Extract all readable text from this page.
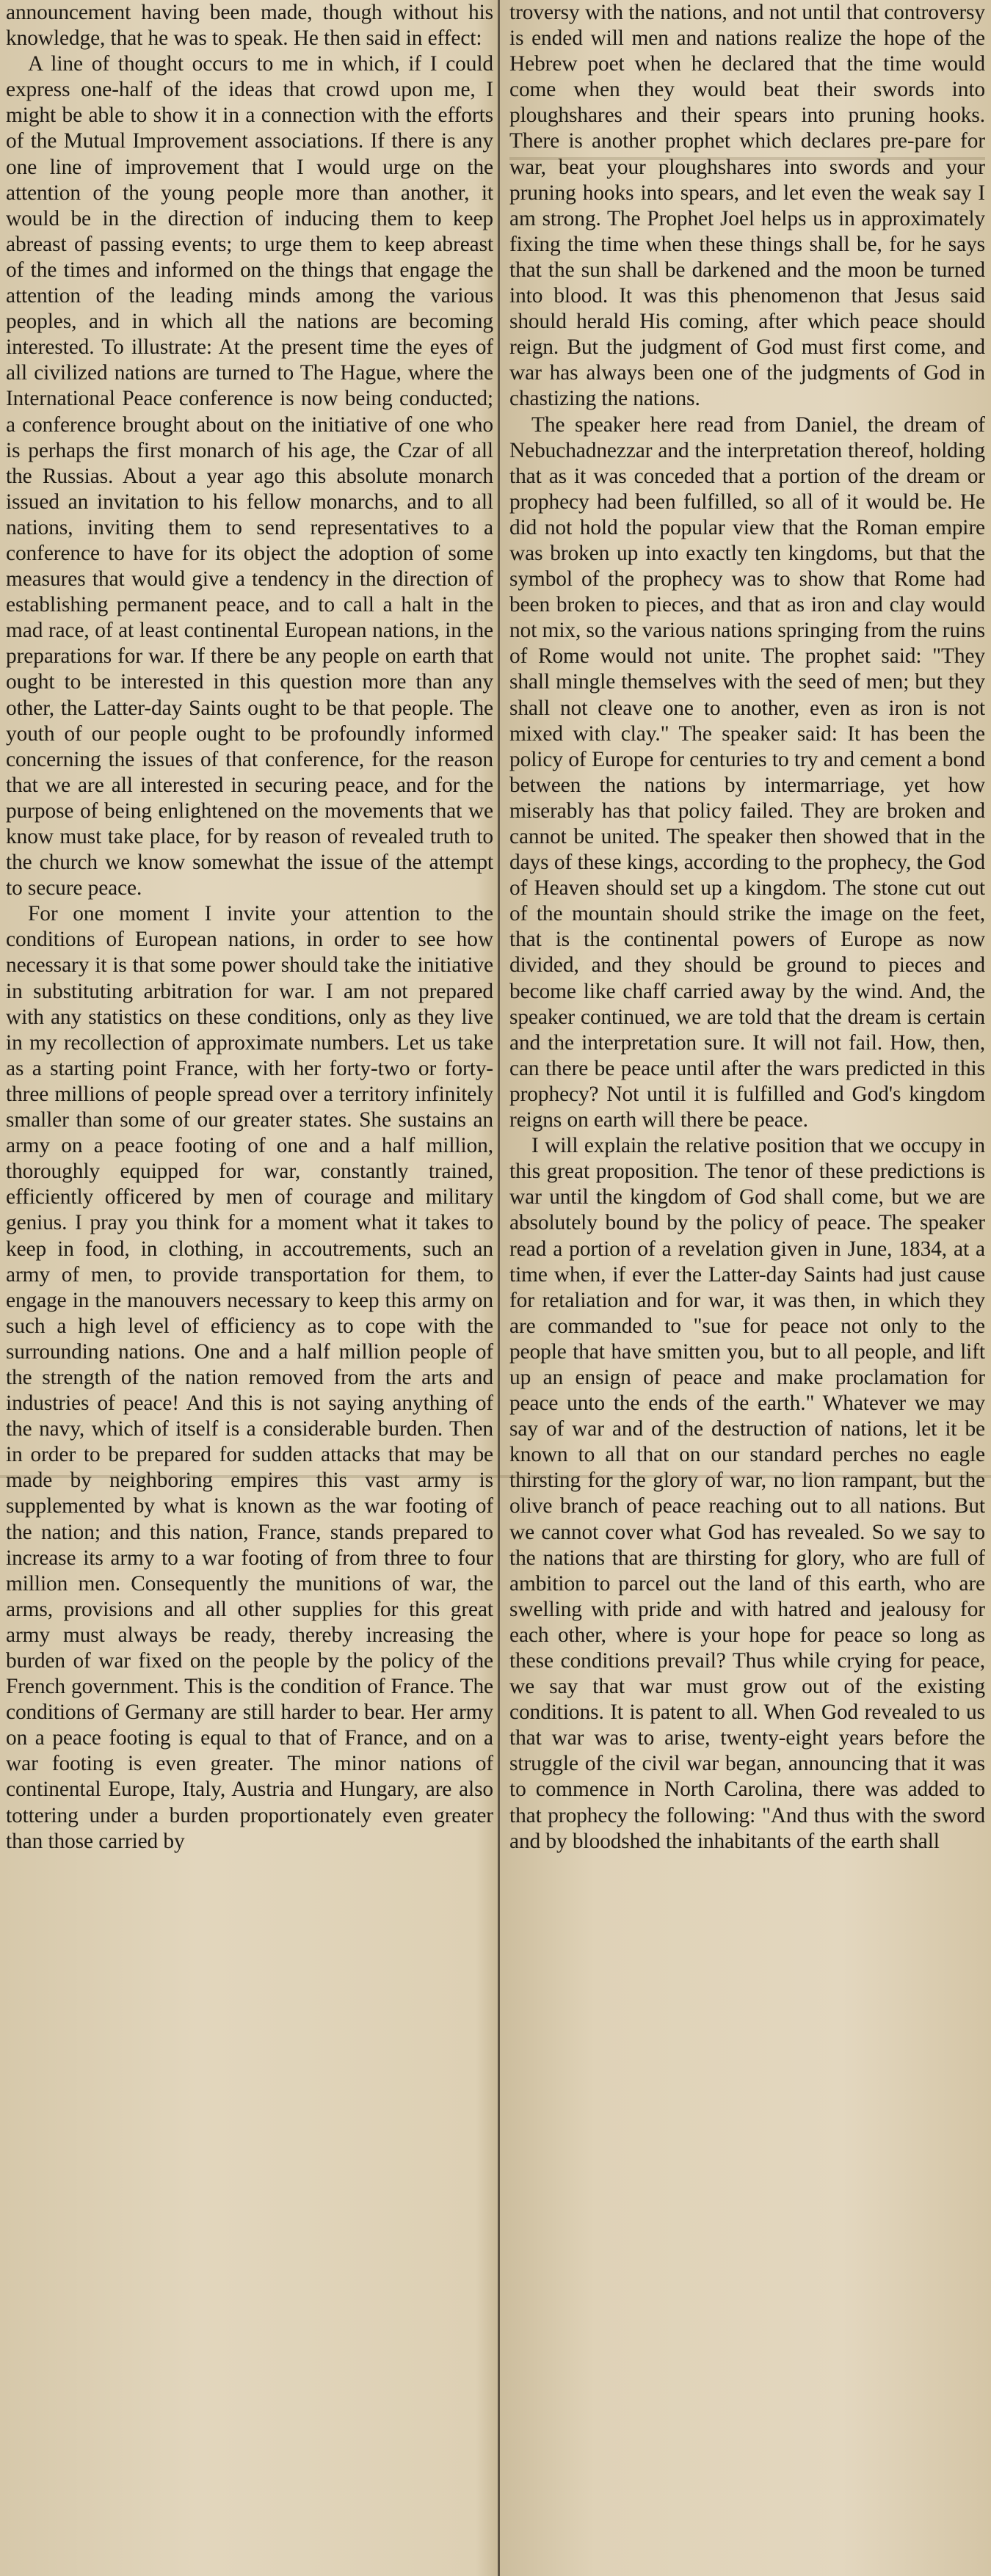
announcement having been made, though without his knowledge, that he was to speak. He then said in effect:

A line of thought occurs to me in which, if I could express one-half of the ideas that crowd upon me, I might be able to show it in a connection with the efforts of the Mutual Improvement associations. If there is any one line of improvement that I would urge on the attention of the young people more than another, it would be in the direction of inducing them to keep abreast of passing events; to urge them to keep abreast of the times and informed on the things that engage the attention of the leading minds among the various peoples, and in which all the nations are becoming interested. To illustrate: At the present time the eyes of all civilized nations are turned to The Hague, where the International Peace conference is now being conducted; a conference brought about on the initiative of one who is perhaps the first monarch of his age, the Czar of all the Russias. About a year ago this absolute monarch issued an invitation to his fellow monarchs, and to all nations, inviting them to send representatives to a conference to have for its object the adoption of some measures that would give a tendency in the direction of establishing permanent peace, and to call a halt in the mad race, of at least continental European nations, in the preparations for war. If there be any people on earth that ought to be interested in this question more than any other, the Latter-day Saints ought to be that people. The youth of our people ought to be profoundly informed concerning the issues of that conference, for the reason that we are all interested in securing peace, and for the purpose of being enlightened on the movements that we know must take place, for by reason of revealed truth to the church we know somewhat the issue of the attempt to secure peace.

For one moment I invite your attention to the conditions of European nations, in order to see how necessary it is that some power should take the initiative in substituting arbitration for war. I am not prepared with any statistics on these conditions, only as they live in my recollection of approximate numbers. Let us take as a starting point France, with her forty-two or forty-three millions of people spread over a territory infinitely smaller than some of our greater states. She sustains an army on a peace footing of one and a half million, thoroughly equipped for war, constantly trained, efficiently officered by men of courage and military genius. I pray you think for a moment what it takes to keep in food, in clothing, in accoutrements, such an army of men, to provide transportation for them, to engage in the manouvers necessary to keep this army on such a high level of efficiency as to cope with the surrounding nations. One and a half million people of the strength of the nation removed from the arts and industries of peace! And this is not saying anything of the navy, which of itself is a considerable burden. Then in order to be prepared for sudden attacks that may be made by neighboring empires this vast army is supplemented by what is known as the war footing of the nation; and this nation, France, stands prepared to increase its army to a war footing of from three to four million men. Consequently the munitions of war, the arms, provisions and all other supplies for this great army must always be ready, thereby increasing the burden of war fixed on the people by the policy of the French government. This is the condition of France. The conditions of Germany are still harder to bear. Her army on a peace footing is equal to that of France, and on a war footing is even greater. The minor nations of continental Europe, Italy, Austria and Hungary, are also tottering under a burden proportionately even greater than those carried by

troversy with the nations, and not until that controversy is ended will men and nations realize the hope of the Hebrew poet when he declared that the time would come when they would beat their swords into ploughshares and their spears into pruning hooks. There is another prophet which declares pre-pare for war, beat your ploughshares into swords and your pruning hooks into spears, and let even the weak say I am strong. The Prophet Joel helps us in approximately fixing the time when these things shall be, for he says that the sun shall be darkened and the moon be turned into blood. It was this phenomenon that Jesus said should herald His coming, after which peace should reign. But the judgment of God must first come, and war has always been one of the judgments of God in chastizing the nations.

The speaker here read from Daniel, the dream of Nebuchadnezzar and the interpretation thereof, holding that as it was conceded that a portion of the dream or prophecy had been fulfilled, so all of it would be. He did not hold the popular view that the Roman empire was broken up into exactly ten kingdoms, but that the symbol of the prophecy was to show that Rome had been broken to pieces, and that as iron and clay would not mix, so the various nations springing from the ruins of Rome would not unite. The prophet said: "They shall mingle themselves with the seed of men; but they shall not cleave one to another, even as iron is not mixed with clay." The speaker said: It has been the policy of Europe for centuries to try and cement a bond between the nations by intermarriage, yet how miserably has that policy failed. They are broken and cannot be united. The speaker then showed that in the days of these kings, according to the prophecy, the God of Heaven should set up a kingdom. The stone cut out of the mountain should strike the image on the feet, that is the continental powers of Europe as now divided, and they should be ground to pieces and become like chaff carried away by the wind. And, the speaker continued, we are told that the dream is certain and the interpretation sure. It will not fail. How, then, can there be peace until after the wars predicted in this prophecy? Not until it is fulfilled and God's kingdom reigns on earth will there be peace.

I will explain the relative position that we occupy in this great proposition. The tenor of these predictions is war until the kingdom of God shall come, but we are absolutely bound by the policy of peace. The speaker read a portion of a revelation given in June, 1834, at a time when, if ever the Latter-day Saints had just cause for retaliation and for war, it was then, in which they are commanded to "sue for peace not only to the people that have smitten you, but to all people, and lift up an ensign of peace and make proclamation for peace unto the ends of the earth." Whatever we may say of war and of the destruction of nations, let it be known to all that on our standard perches no eagle thirsting for the glory of war, no lion rampant, but the olive branch of peace reaching out to all nations. But we cannot cover what God has revealed. So we say to the nations that are thirsting for glory, who are full of ambition to parcel out the land of this earth, who are swelling with pride and with hatred and jealousy for each other, where is your hope for peace so long as these conditions prevail? Thus while crying for peace, we say that war must grow out of the existing conditions. It is patent to all. When God revealed to us that war was to arise, twenty-eight years before the struggle of the civil war began, announcing that it was to commence in North Carolina, there was added to that prophecy the following: "And thus with the sword and by bloodshed the inhabitants of the earth shall
